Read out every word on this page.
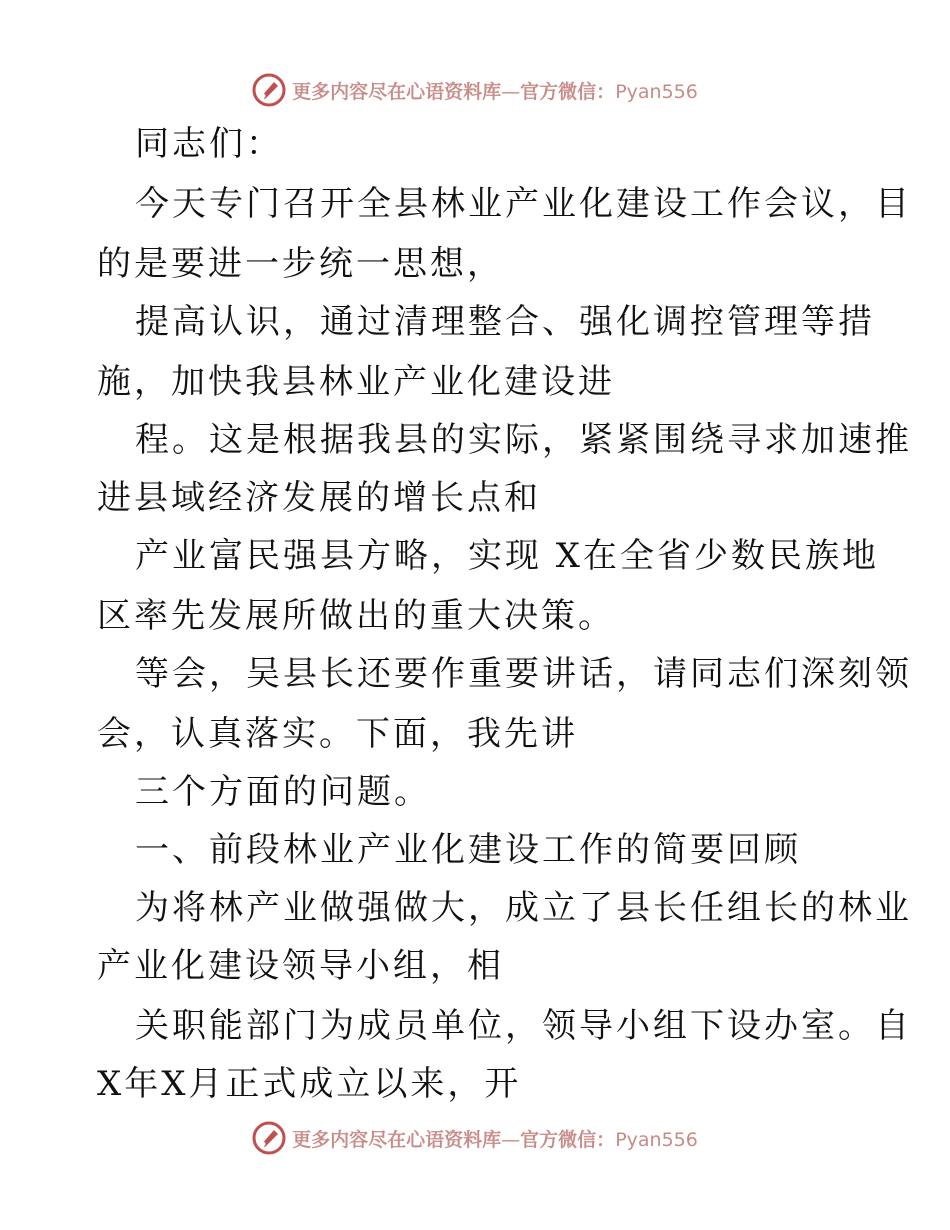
更多内容尽在心语资料库—官方微信：Pyan556
同志们：
今天专门召开全县林业产业化建设工作会议，目
的是要进一步统一思想，
提高认识，通过清理整合、强化调控管理等措
施，加快我县林业产业化建设进
程。这是根据我县的实际，紧紧围绕寻求加速推
进县域经济发展的增长点和
产业富民强县方略，实现 X在全省少数民族地
区率先发展所做出的重大决策。
等会，吴县长还要作重要讲话，请同志们深刻领
会，认真落实。下面，我先讲
三个方面的问题。
一、前段林业产业化建设工作的简要回顾
为将林产业做强做大，成立了县长任组长的林业
产业化建设领导小组，相
关职能部门为成员单位，领导小组下设办室。自
X年X月正式成立以来，开
更多内容尽在心语资料库—官方微信：Pyan556
